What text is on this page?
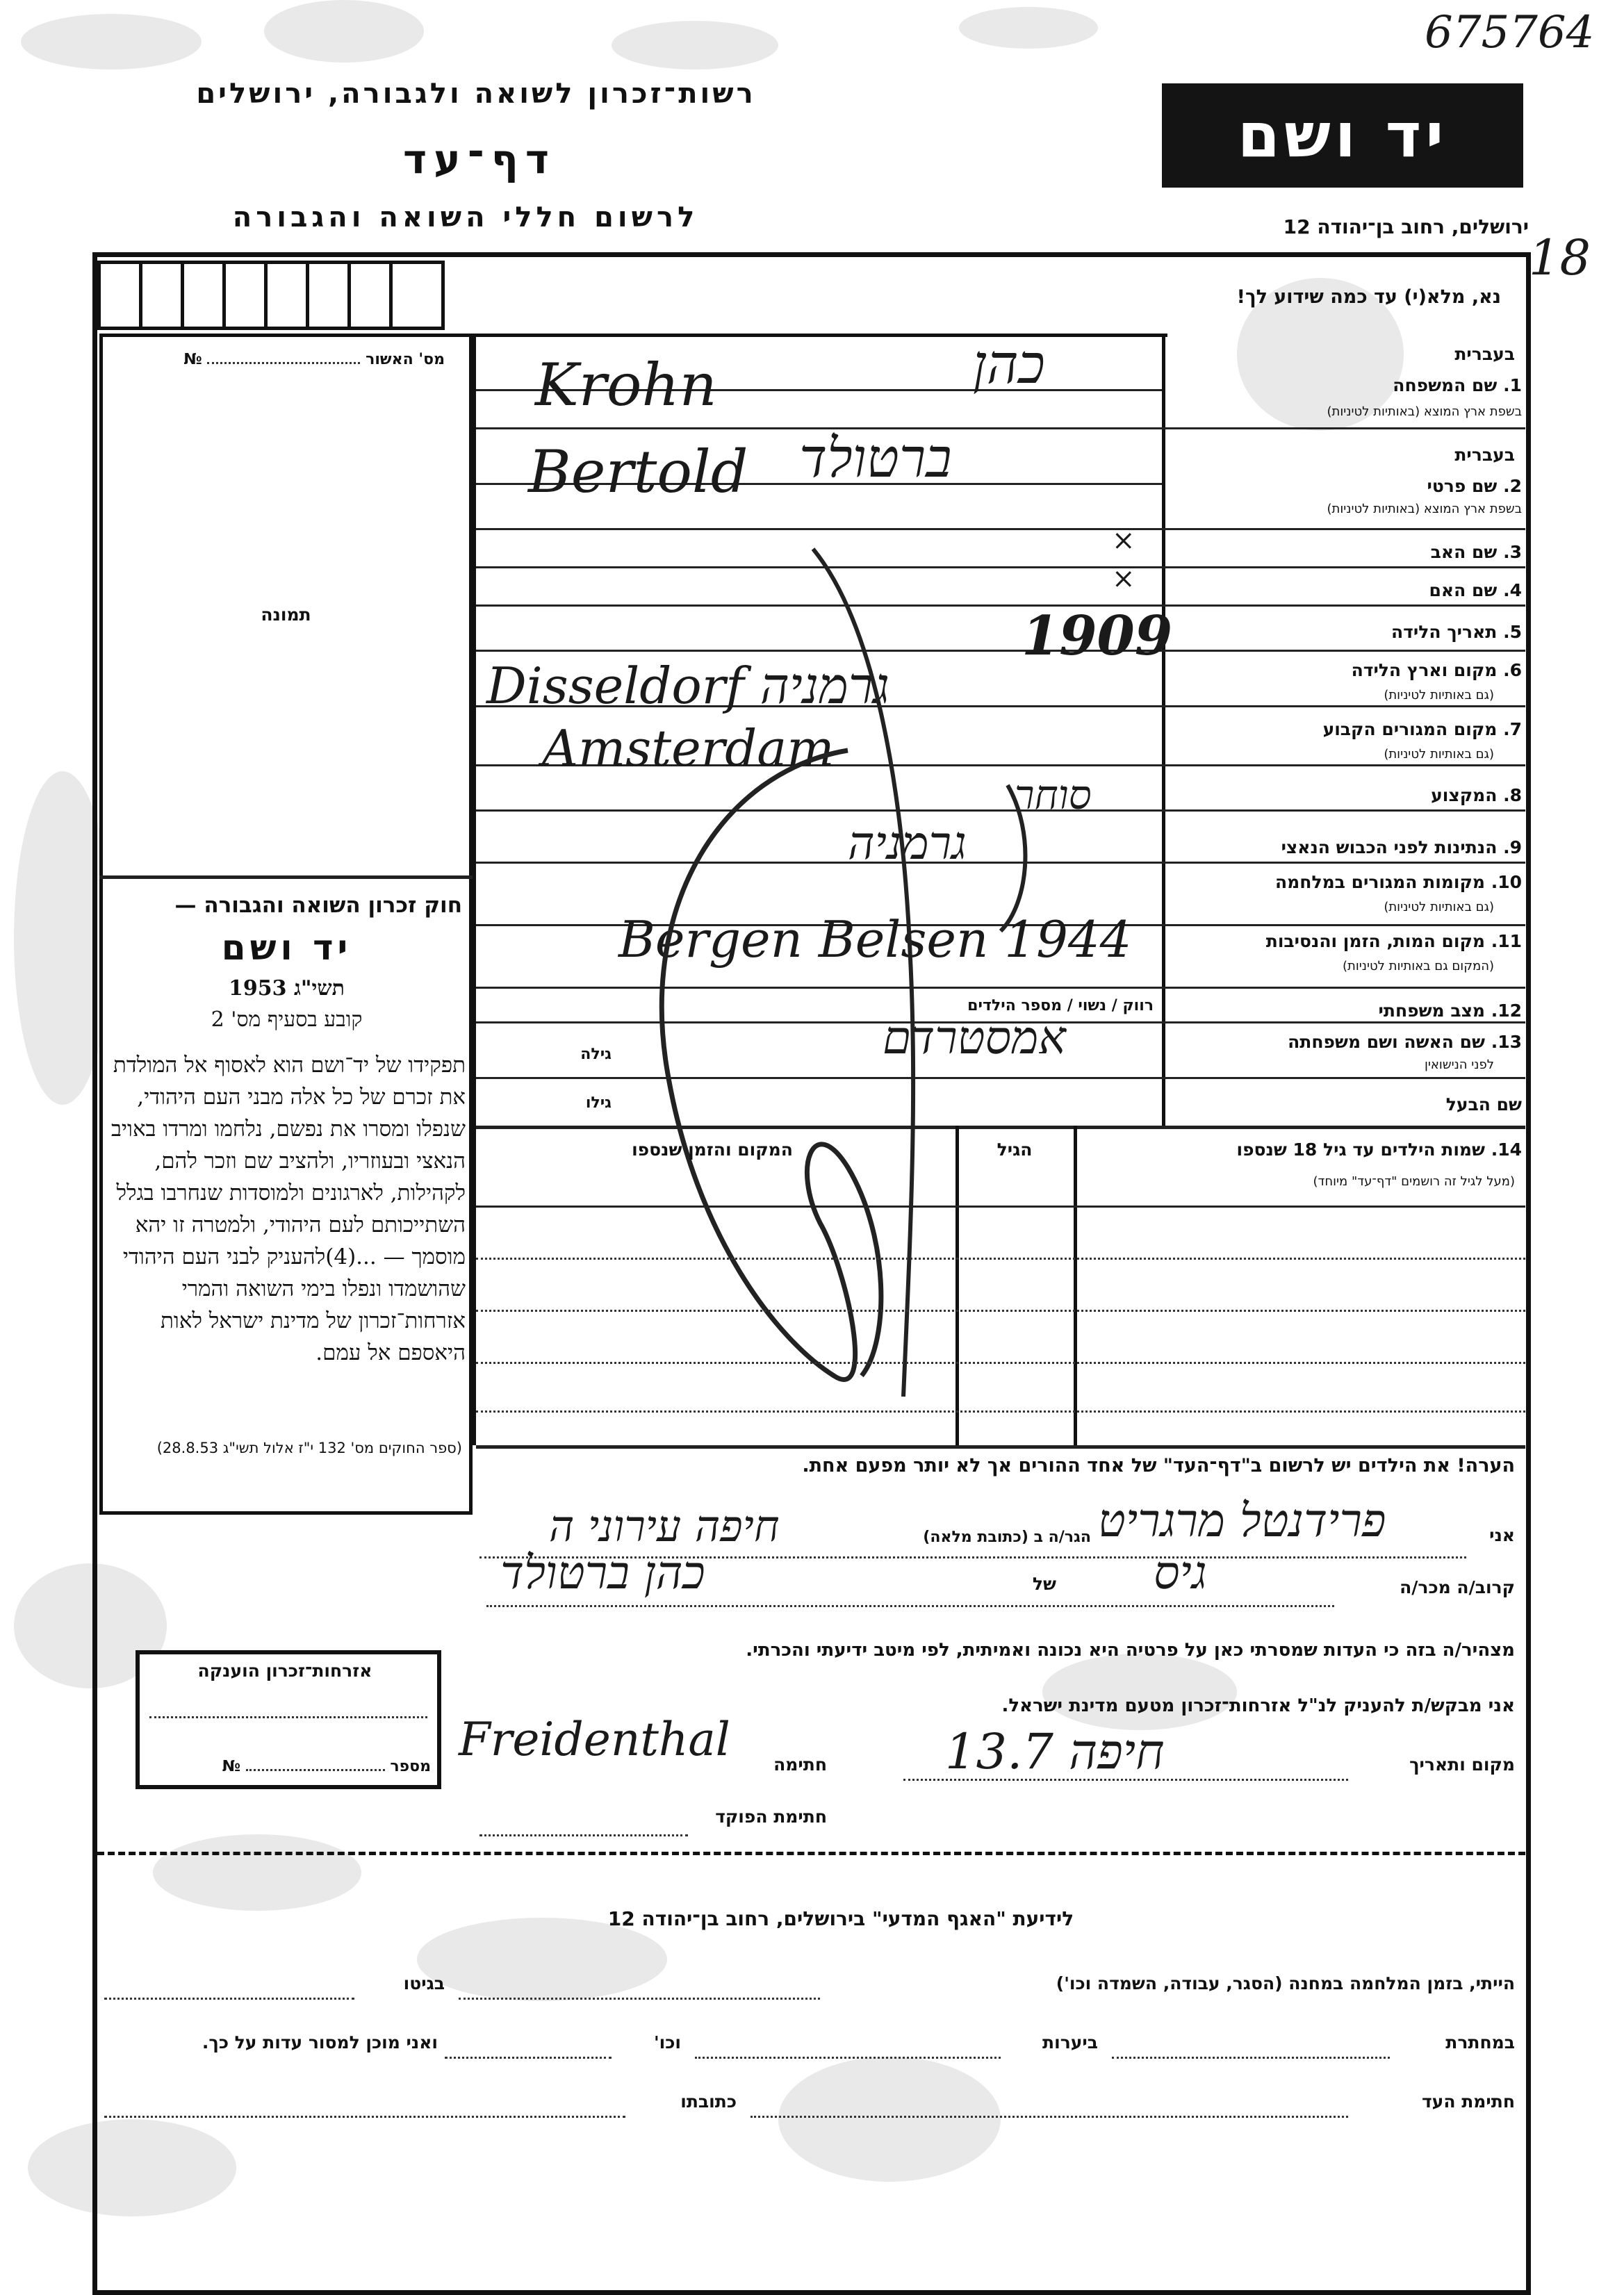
675764
רשות־זכרון לשואה ולגבורה, ירושלים
דף־עד
לרשום חללי השואה והגבורה
יד ושם
ירושלים, רחוב בן־יהודה 12
18
נא, מלא(י) עד כמה שידוע לך!
מס' האשור  №
תמונה
חוק זכרון השואה והגבורה —
יד ושם
תשי"ג 1953
קובע בסעיף מס' 2
תפקידו של יד־ושם הוא לאסוף אל המולדת את זכרם של כל אלה מבני העם היהודי, שנפלו ומסרו את נפשם, נלחמו ומרדו באויב הנאצי ובעוזריו, ולהציב שם וזכר להם, לקהילות, לארגונים ולמוסדות שנחרבו בגלל השתייכותם לעם היהודי, ולמטרה זו יהא מוסמך — ...(4)להעניק לבני העם היהודי שהושמדו ונפלו בימי השואה והמרי אזרחות־זכרון של מדינת ישראל לאות היאספם אל עמם.
(ספר החוקים מס' 132 י"ז אלול תשי"ג 28.8.53)
בעברית
1. שם המשפחה
בשפת ארץ המוצא (באותיות לטיניות)
בעברית
2. שם פרטי
בשפת ארץ המוצא (באותיות לטיניות)
3. שם האב
4. שם האם
5. תאריך הלידה
6. מקום וארץ הלידה
(גם באותיות לטיניות)
7. מקום המגורים הקבוע
(גם באותיות לטיניות)
8. המקצוע
9. הנתינות לפני הכבוש הנאצי
10. מקומות המגורים במלחמה
(גם באותיות לטיניות)
11. מקום המות, הזמן והנסיבות
(המקום גם באותיות לטיניות)
12. מצב משפחתי
רווק / נשוי / מספר הילדים
13. שם האשה ושם משפחתה
לפני הנישואין
גילה
שם הבעל
גילו
Krohn	כהן
Bertold ברטולד
×
×
1909
Disseldorf גרמניה
Amsterdam
סוחר
גרמניה
Bergen Belsen 1944
אמסטרדם
14. שמות הילדים עד גיל 18 שנספו
(מעל לגיל זה רושמים "דף־עד" מיוחד)
הגיל
המקום והזמן שנספו
הערה! את הילדים יש לרשום ב"דף־העד" של אחד ההורים אך לא יותר מפעם אחת.
אני
הגר/ה ב (כתובת מלאה) פרידנטל מרגריט
חיפה עירוני ה
קרוב/ה מכר/ה
של גיס
כהן ברטולד
מצהיר/ה בזה כי העדות שמסרתי כאן על פרטיה היא נכונה ואמיתית, לפי מיטב ידיעתי והכרתי.
אני מבקש/ת להעניק לנ"ל אזרחות־זכרון מטעם מדינת ישראל.
מקום ותאריך
חיפה 13.7
חתימה
Freidenthal
חתימת הפוקד
אזרחות־זכרון הוענקה
מספר  №
לידיעת "האגף המדעי" בירושלים, רחוב בן־יהודה 12
הייתי, בזמן המלחמה במחנה (הסגר, עבודה, השמדה וכו')
בגיטו
במחתרת
ביערות
וכו'
ואני מוכן למסור עדות על כך.
חתימת העד
כתובתו
